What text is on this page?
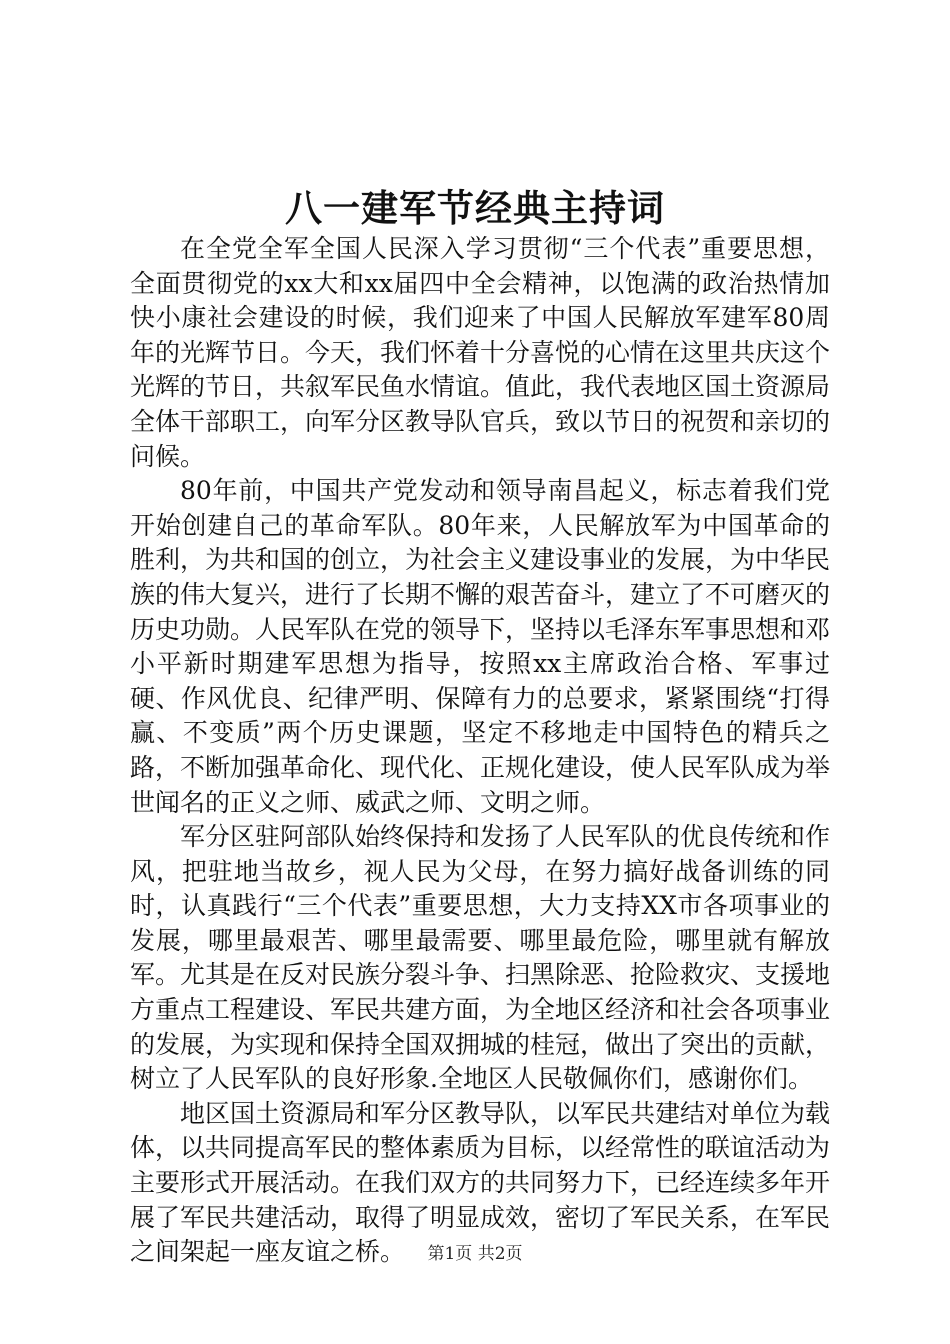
八一建军节经典主持词

在全党全军全国人民深入学习贯彻“三个代表”重要思想，全面贯彻党的xx大和xx届四中全会精神，以饱满的政治热情加快小康社会建设的时候，我们迎来了中国人民解放军建军80周年的光辉节日。今天，我们怀着十分喜悦的心情在这里共庆这个光辉的节日，共叙军民鱼水情谊。值此，我代表地区国土资源局全体干部职工，向军分区教导队官兵，致以节日的祝贺和亲切的问候。

80年前，中国共产党发动和领导南昌起义，标志着我们党开始创建自己的革命军队。80年来，人民解放军为中国革命的胜利，为共和国的创立，为社会主义建设事业的发展，为中华民族的伟大复兴，进行了长期不懈的艰苦奋斗，建立了不可磨灭的历史功勋。人民军队在党的领导下，坚持以毛泽东军事思想和邓小平新时期建军思想为指导，按照xx主席政治合格、军事过硬、作风优良、纪律严明、保障有力的总要求，紧紧围绕“打得赢、不变质”两个历史课题，坚定不移地走中国特色的精兵之路，不断加强革命化、现代化、正规化建设，使人民军队成为举世闻名的正义之师、威武之师、文明之师。

军分区驻阿部队始终保持和发扬了人民军队的优良传统和作风，把驻地当故乡，视人民为父母，在努力搞好战备训练的同时，认真践行“三个代表”重要思想，大力支持XX市各项事业的发展，哪里最艰苦、哪里最需要、哪里最危险，哪里就有解放军。尤其是在反对民族分裂斗争、扫黑除恶、抢险救灾、支援地方重点工程建设、军民共建方面，为全地区经济和社会各项事业的发展，为实现和保持全国双拥城的桂冠，做出了突出的贡献，树立了人民军队的良好形象.全地区人民敬佩你们，感谢你们。

地区国土资源局和军分区教导队，以军民共建结对单位为载体，以共同提高军民的整体素质为目标，以经常性的联谊活动为主要形式开展活动。在我们双方的共同努力下，已经连续多年开展了军民共建活动，取得了明显成效，密切了军民关系，在军民之间架起一座友谊之桥。	第1页 共2页
